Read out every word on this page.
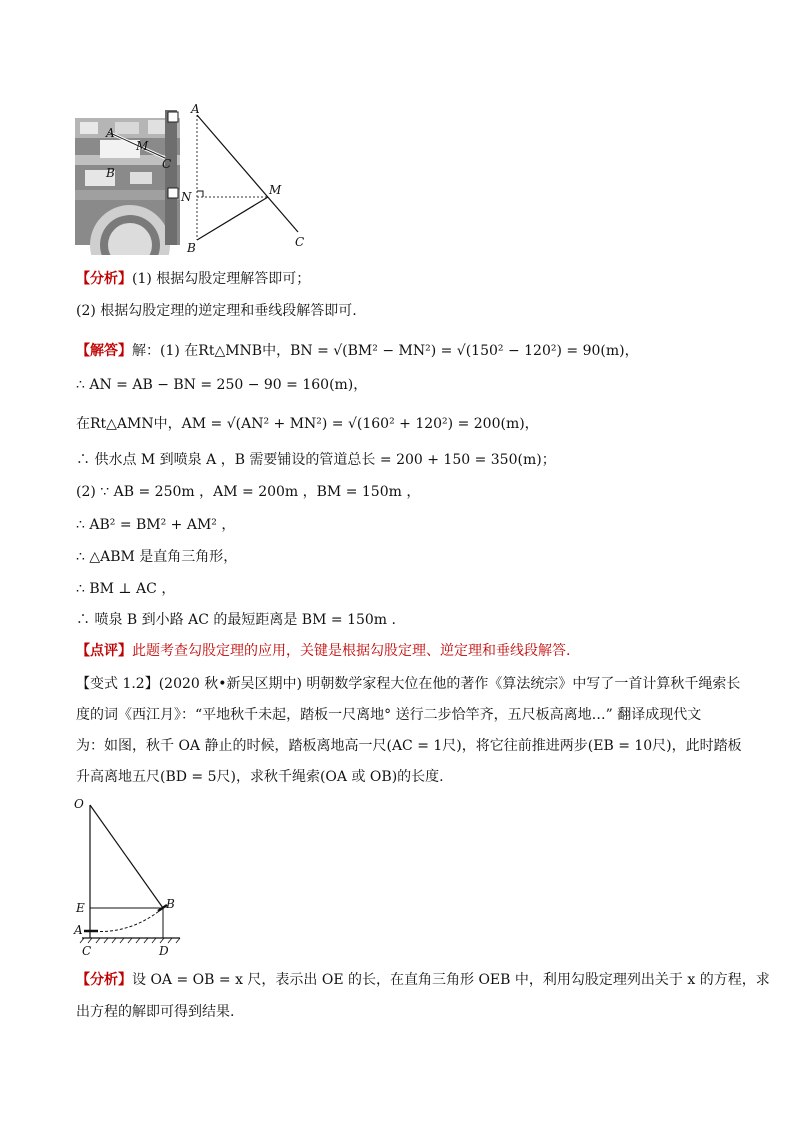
A
M
C
B
A
N	M
B	C
【分析】(1) 根据勾股定理解答即可；
(2) 根据勾股定理的逆定理和垂线段解答即可.
【解答】解：(1) 在Rt△MNB中，BN = √(BM² − MN²) = √(150² − 120²) = 90(m)，
∴ AN = AB − BN = 250 − 90 = 160(m)，
在Rt△AMN中，AM = √(AN² + MN²) = √(160² + 120²) = 200(m)，
∴ 供水点 M 到喷泉 A ，B 需要铺设的管道总长 = 200 + 150 = 350(m)；
(2) ∵ AB = 250m ，AM = 200m ，BM = 150m ，
∴ AB² = BM² + AM² ，
∴ △ABM 是直角三角形，
∴ BM ⊥ AC ，
∴ 喷泉 B 到小路 AC 的最短距离是 BM = 150m .
【点评】此题考查勾股定理的应用，关键是根据勾股定理、逆定理和垂线段解答.
【变式 1.2】(2020 秋•新吴区期中) 明朝数学家程大位在他的著作《算法统宗》中写了一首计算秋千绳索长
度的词《西江月》：“平地秋千未起，踏板一尺离地° 送行二步恰竿齐，五尺板高离地…” 翻译成现代文
为：如图，秋千 OA 静止的时候，踏板离地高一尺(AC = 1尺)，将它往前推进两步(EB = 10尺)，此时踏板
升高离地五尺(BD = 5尺)，求秋千绳索(OA 或 OB)的长度.
O
E	B
A
C	D
【分析】设 OA = OB = x 尺，表示出 OE 的长，在直角三角形 OEB 中，利用勾股定理列出关于 x 的方程，求
出方程的解即可得到结果.
